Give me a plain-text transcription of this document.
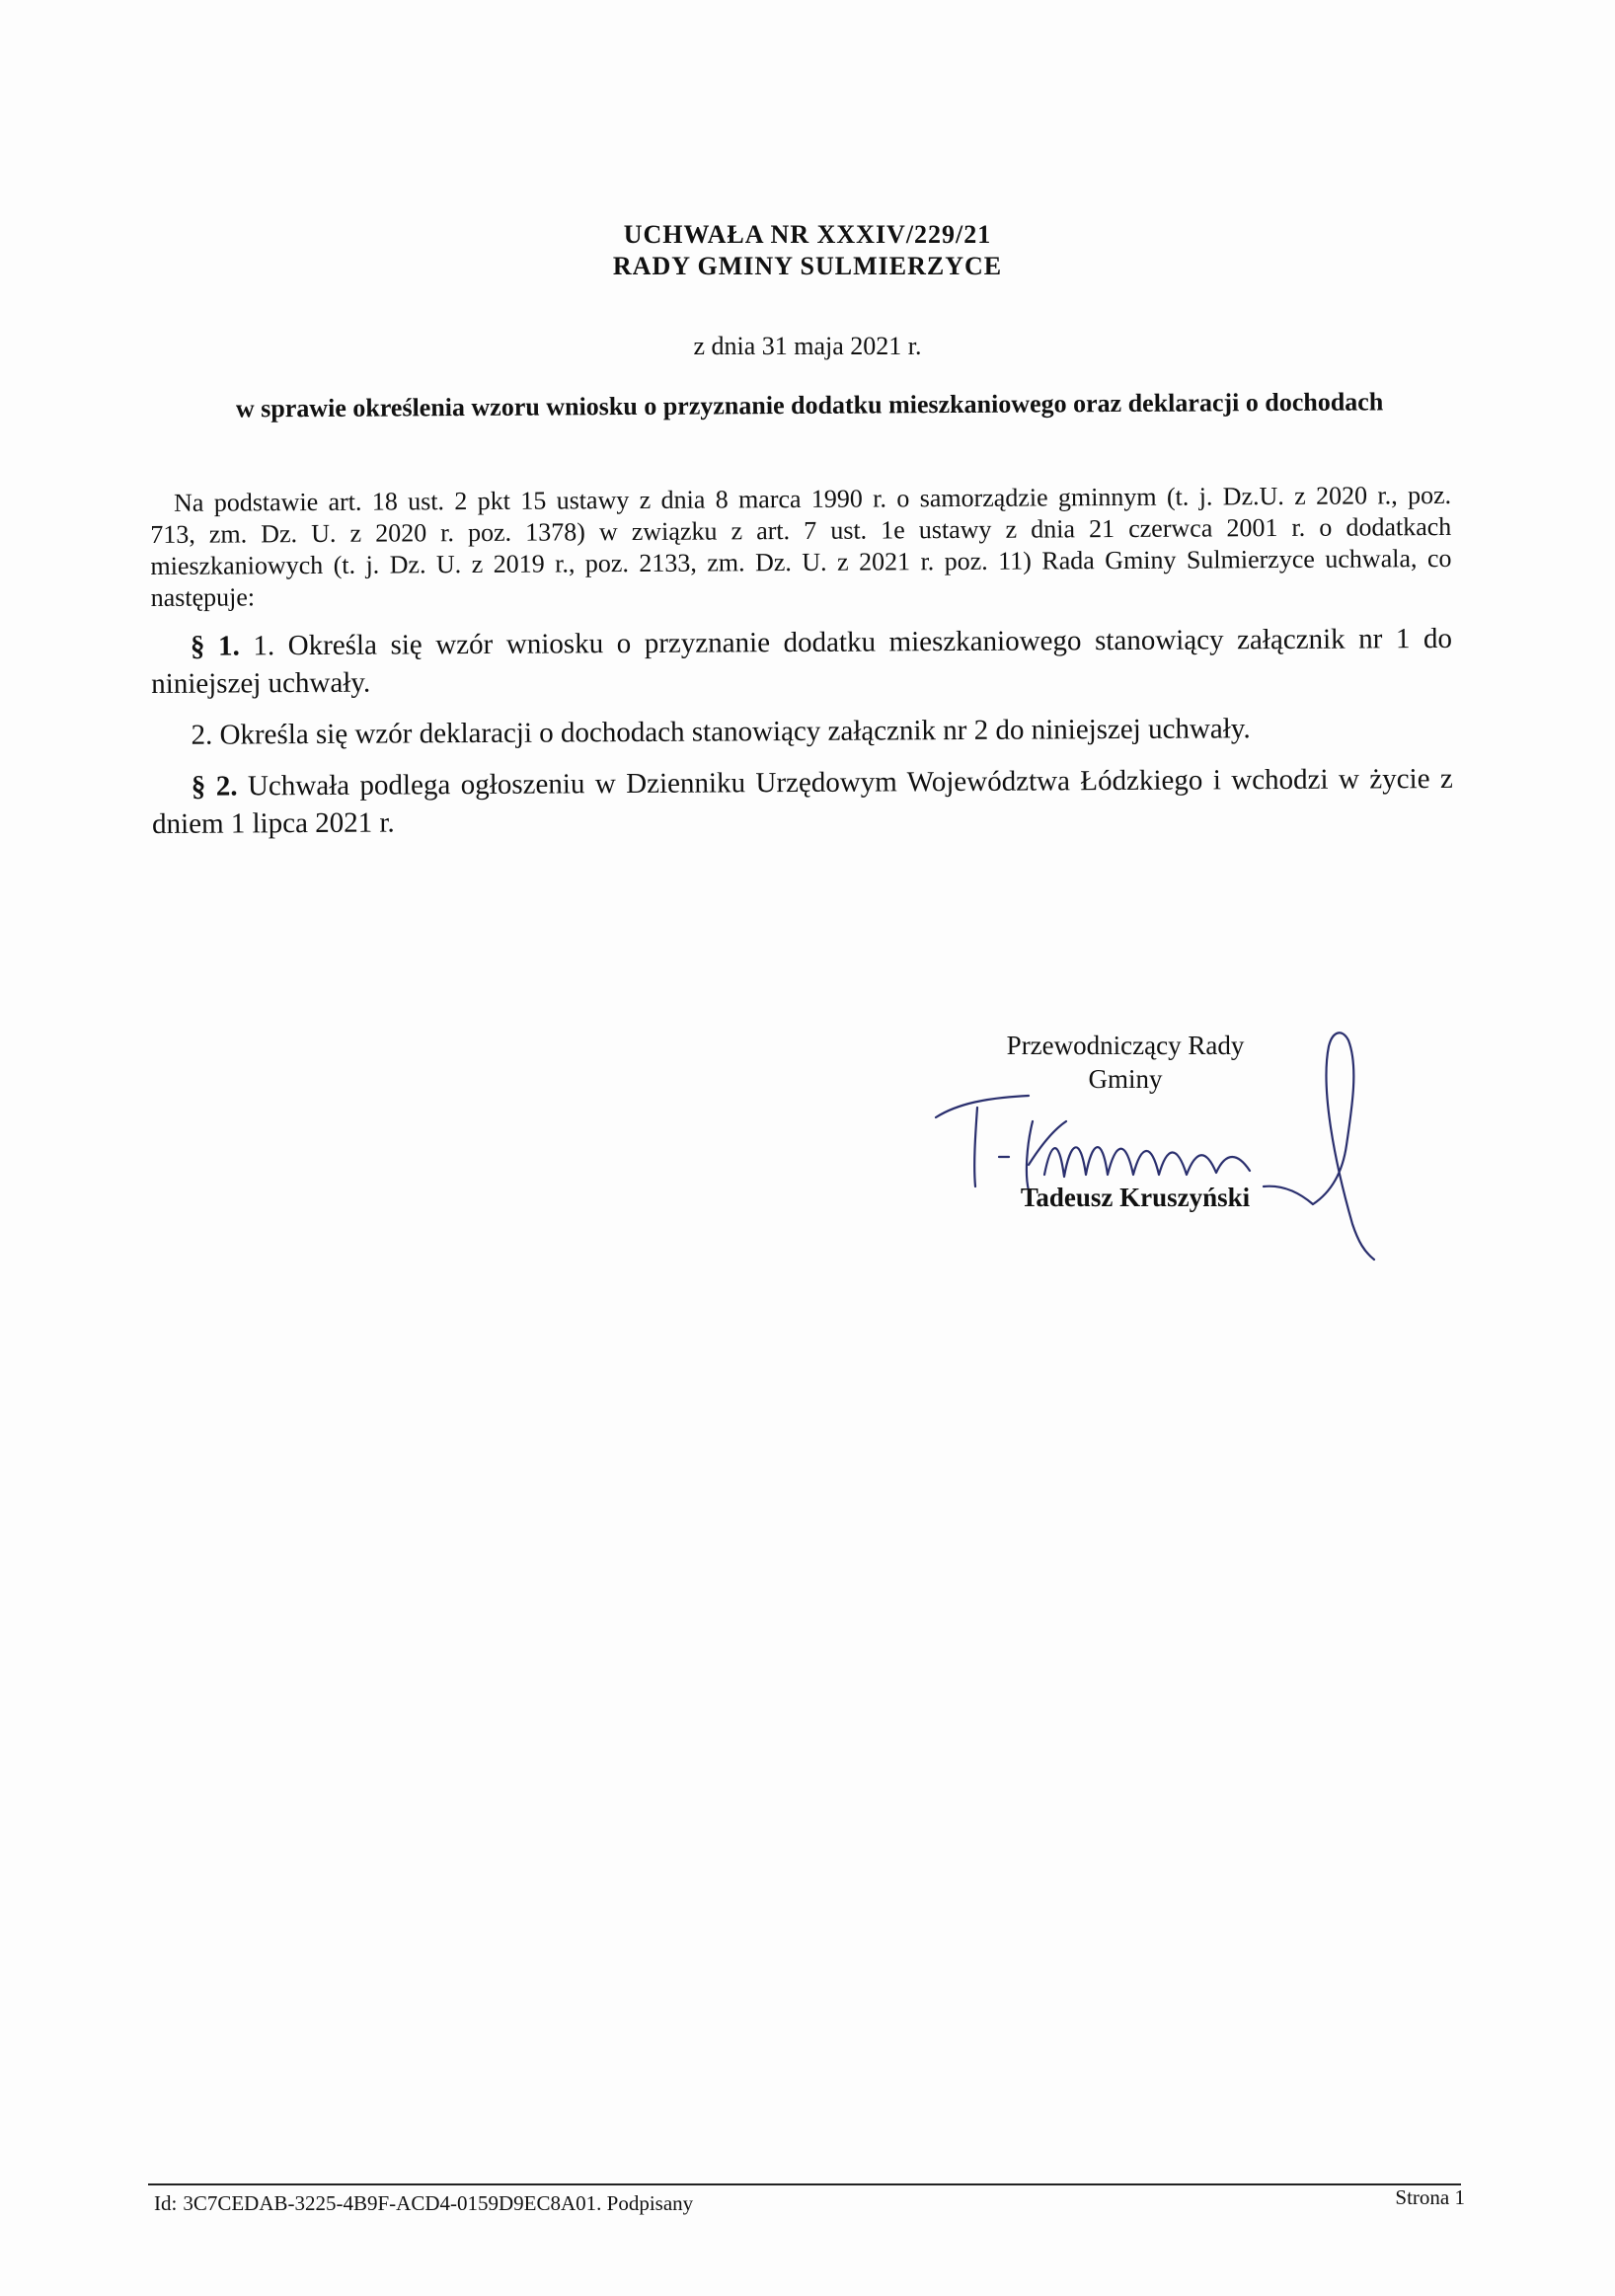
UCHWAŁA NR XXXIV/229/21
RADY GMINY SULMIERZYCE
z dnia 31 maja 2021 r.
w sprawie określenia wzoru wniosku o przyznanie dodatku mieszkaniowego oraz deklaracji o dochodach

Na podstawie art. 18 ust. 2 pkt 15 ustawy z dnia 8 marca 1990 r. o samorządzie gminnym (t. j. Dz.U. z 2020 r., poz. 713, zm. Dz. U. z 2020 r. poz. 1378) w związku z art. 7 ust. 1e ustawy z dnia 21 czerwca 2001 r. o dodatkach mieszkaniowych (t. j. Dz. U. z 2019 r., poz. 2133, zm. Dz. U. z 2021 r. poz. 11) Rada Gminy Sulmierzyce uchwala, co następuje:

§ 1. 1. Określa się wzór wniosku o przyznanie dodatku mieszkaniowego stanowiący załącznik nr 1 do niniejszej uchwały.

2. Określa się wzór deklaracji o dochodach stanowiący załącznik nr 2 do niniejszej uchwały.

§ 2. Uchwała podlega ogłoszeniu w Dzienniku Urzędowym Województwa Łódzkiego i wchodzi w życie z dniem 1 lipca 2021 r.

Przewodniczący Rady
Gminy
Tadeusz Kruszyński
Id: 3C7CEDAB-3225-4B9F-ACD4-0159D9EC8A01. Podpisany	Strona 1
